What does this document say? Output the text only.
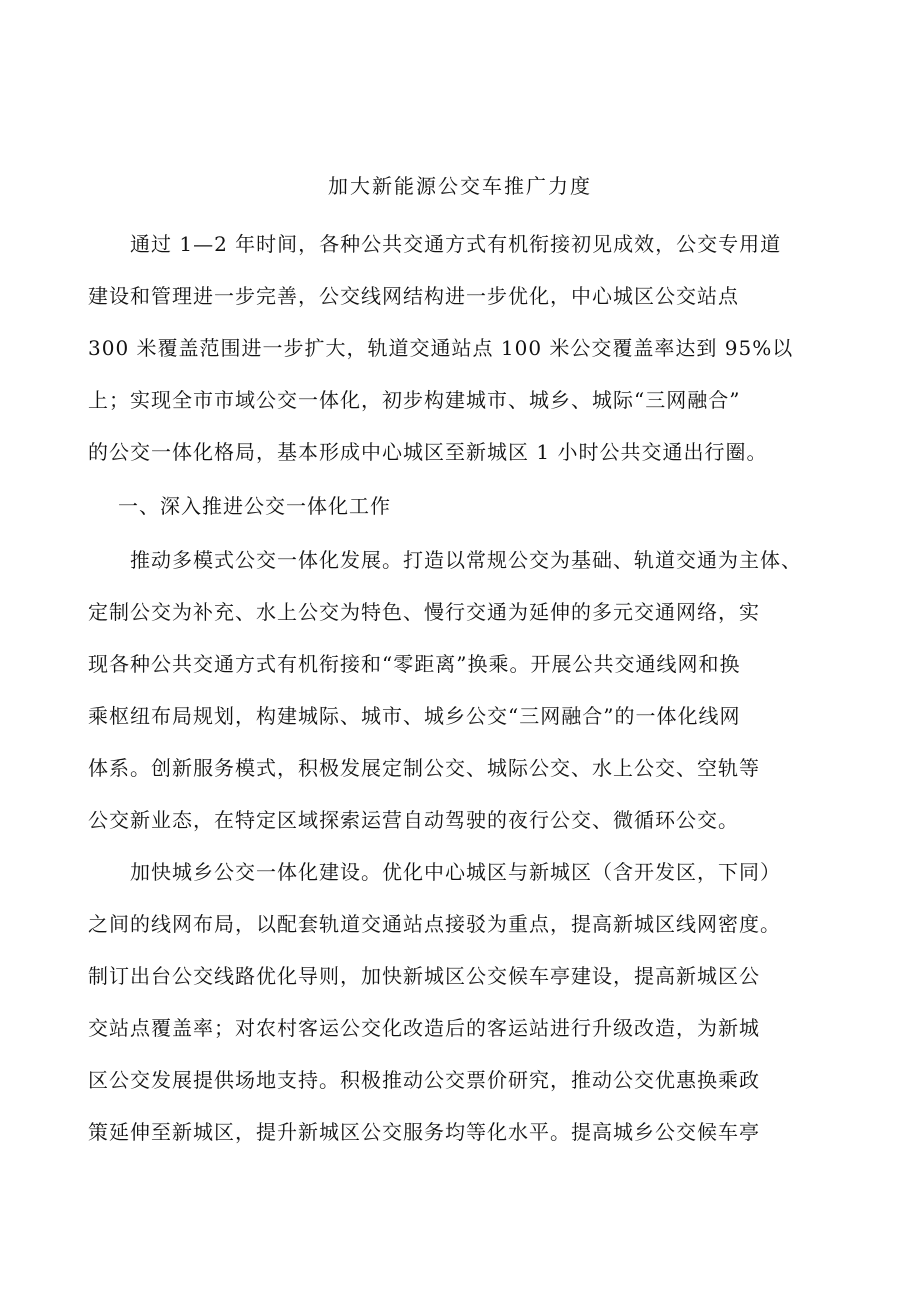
加大新能源公交车推广力度
通过 1—2 年时间，各种公共交通方式有机衔接初见成效，公交专用道
建设和管理进一步完善，公交线网结构进一步优化，中心城区公交站点
300 米覆盖范围进一步扩大，轨道交通站点 100 米公交覆盖率达到 95%以
上；实现全市市域公交一体化，初步构建城市、城乡、城际“三网融合”
的公交一体化格局，基本形成中心城区至新城区 1 小时公共交通出行圈。
一、深入推进公交一体化工作
推动多模式公交一体化发展。打造以常规公交为基础、轨道交通为主体、
定制公交为补充、水上公交为特色、慢行交通为延伸的多元交通网络，实
现各种公共交通方式有机衔接和“零距离”换乘。开展公共交通线网和换
乘枢纽布局规划，构建城际、城市、城乡公交“三网融合”的一体化线网
体系。创新服务模式，积极发展定制公交、城际公交、水上公交、空轨等
公交新业态，在特定区域探索运营自动驾驶的夜行公交、微循环公交。
加快城乡公交一体化建设。优化中心城区与新城区（含开发区，下同）
之间的线网布局，以配套轨道交通站点接驳为重点，提高新城区线网密度。
制订出台公交线路优化导则，加快新城区公交候车亭建设，提高新城区公
交站点覆盖率；对农村客运公交化改造后的客运站进行升级改造，为新城
区公交发展提供场地支持。积极推动公交票价研究，推动公交优惠换乘政
策延伸至新城区，提升新城区公交服务均等化水平。提高城乡公交候车亭
